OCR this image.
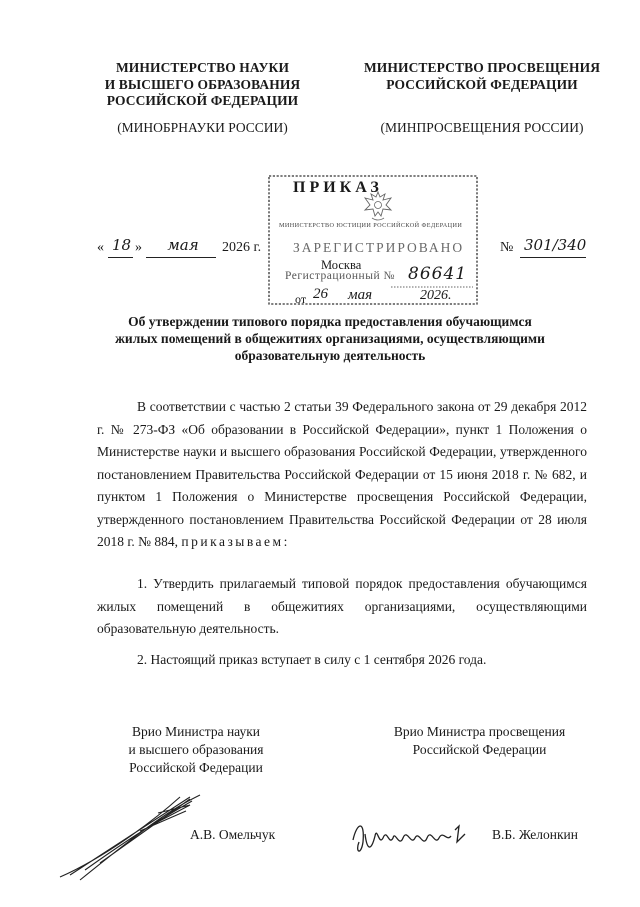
МИНИСТЕРСТВО НАУКИ
И ВЫСШЕГО ОБРАЗОВАНИЯ
РОССИЙСКОЙ ФЕДЕРАЦИИ
(МИНОБРНАУКИ РОССИИ)
МИНИСТЕРСТВО ПРОСВЕЩЕНИЯ
РОССИЙСКОЙ ФЕДЕРАЦИИ
(МИНПРОСВЕЩЕНИЯ РОССИИ)
ПРИКАЗ
МИНИСТЕРСТВО ЮСТИЦИИ РОССИЙСКОЙ ФЕДЕРАЦИИ
ЗАРЕГИСТРИРОВАНО
Москва
Регистрационный № 86641
от 26 мая	2026.
« 18 »	мая	2026 г.	№ 301/340
Об утверждении типового порядка предоставления обучающимся
жилых помещений в общежитиях организациями, осуществляющими
образовательную деятельность
В соответствии с частью 2 статьи 39 Федерального закона от 29 декабря 2012 г. № 273-ФЗ «Об образовании в Российской Федерации», пункт 1 Положения о Министерстве науки и высшего образования Российской Федерации, утвержденного постановлением Правительства Российской Федерации от 15 июня 2018 г. № 682, и пунктом 1 Положения о Министерстве просвещения Российской Федерации, утвержденного постановлением Правительства Российской Федерации от 28 июля 2018 г. № 884, приказываем:
1. Утвердить прилагаемый типовой порядок предоставления обучающимся жилых помещений в общежитиях организациями, осуществляющими образовательную деятельность.
2. Настоящий приказ вступает в силу с 1 сентября 2026 года.
Врио Министра науки
и высшего образования
Российской Федерации
Врио Министра просвещения
Российской Федерации
А.В. Омельчук	В.Б. Желонкин
